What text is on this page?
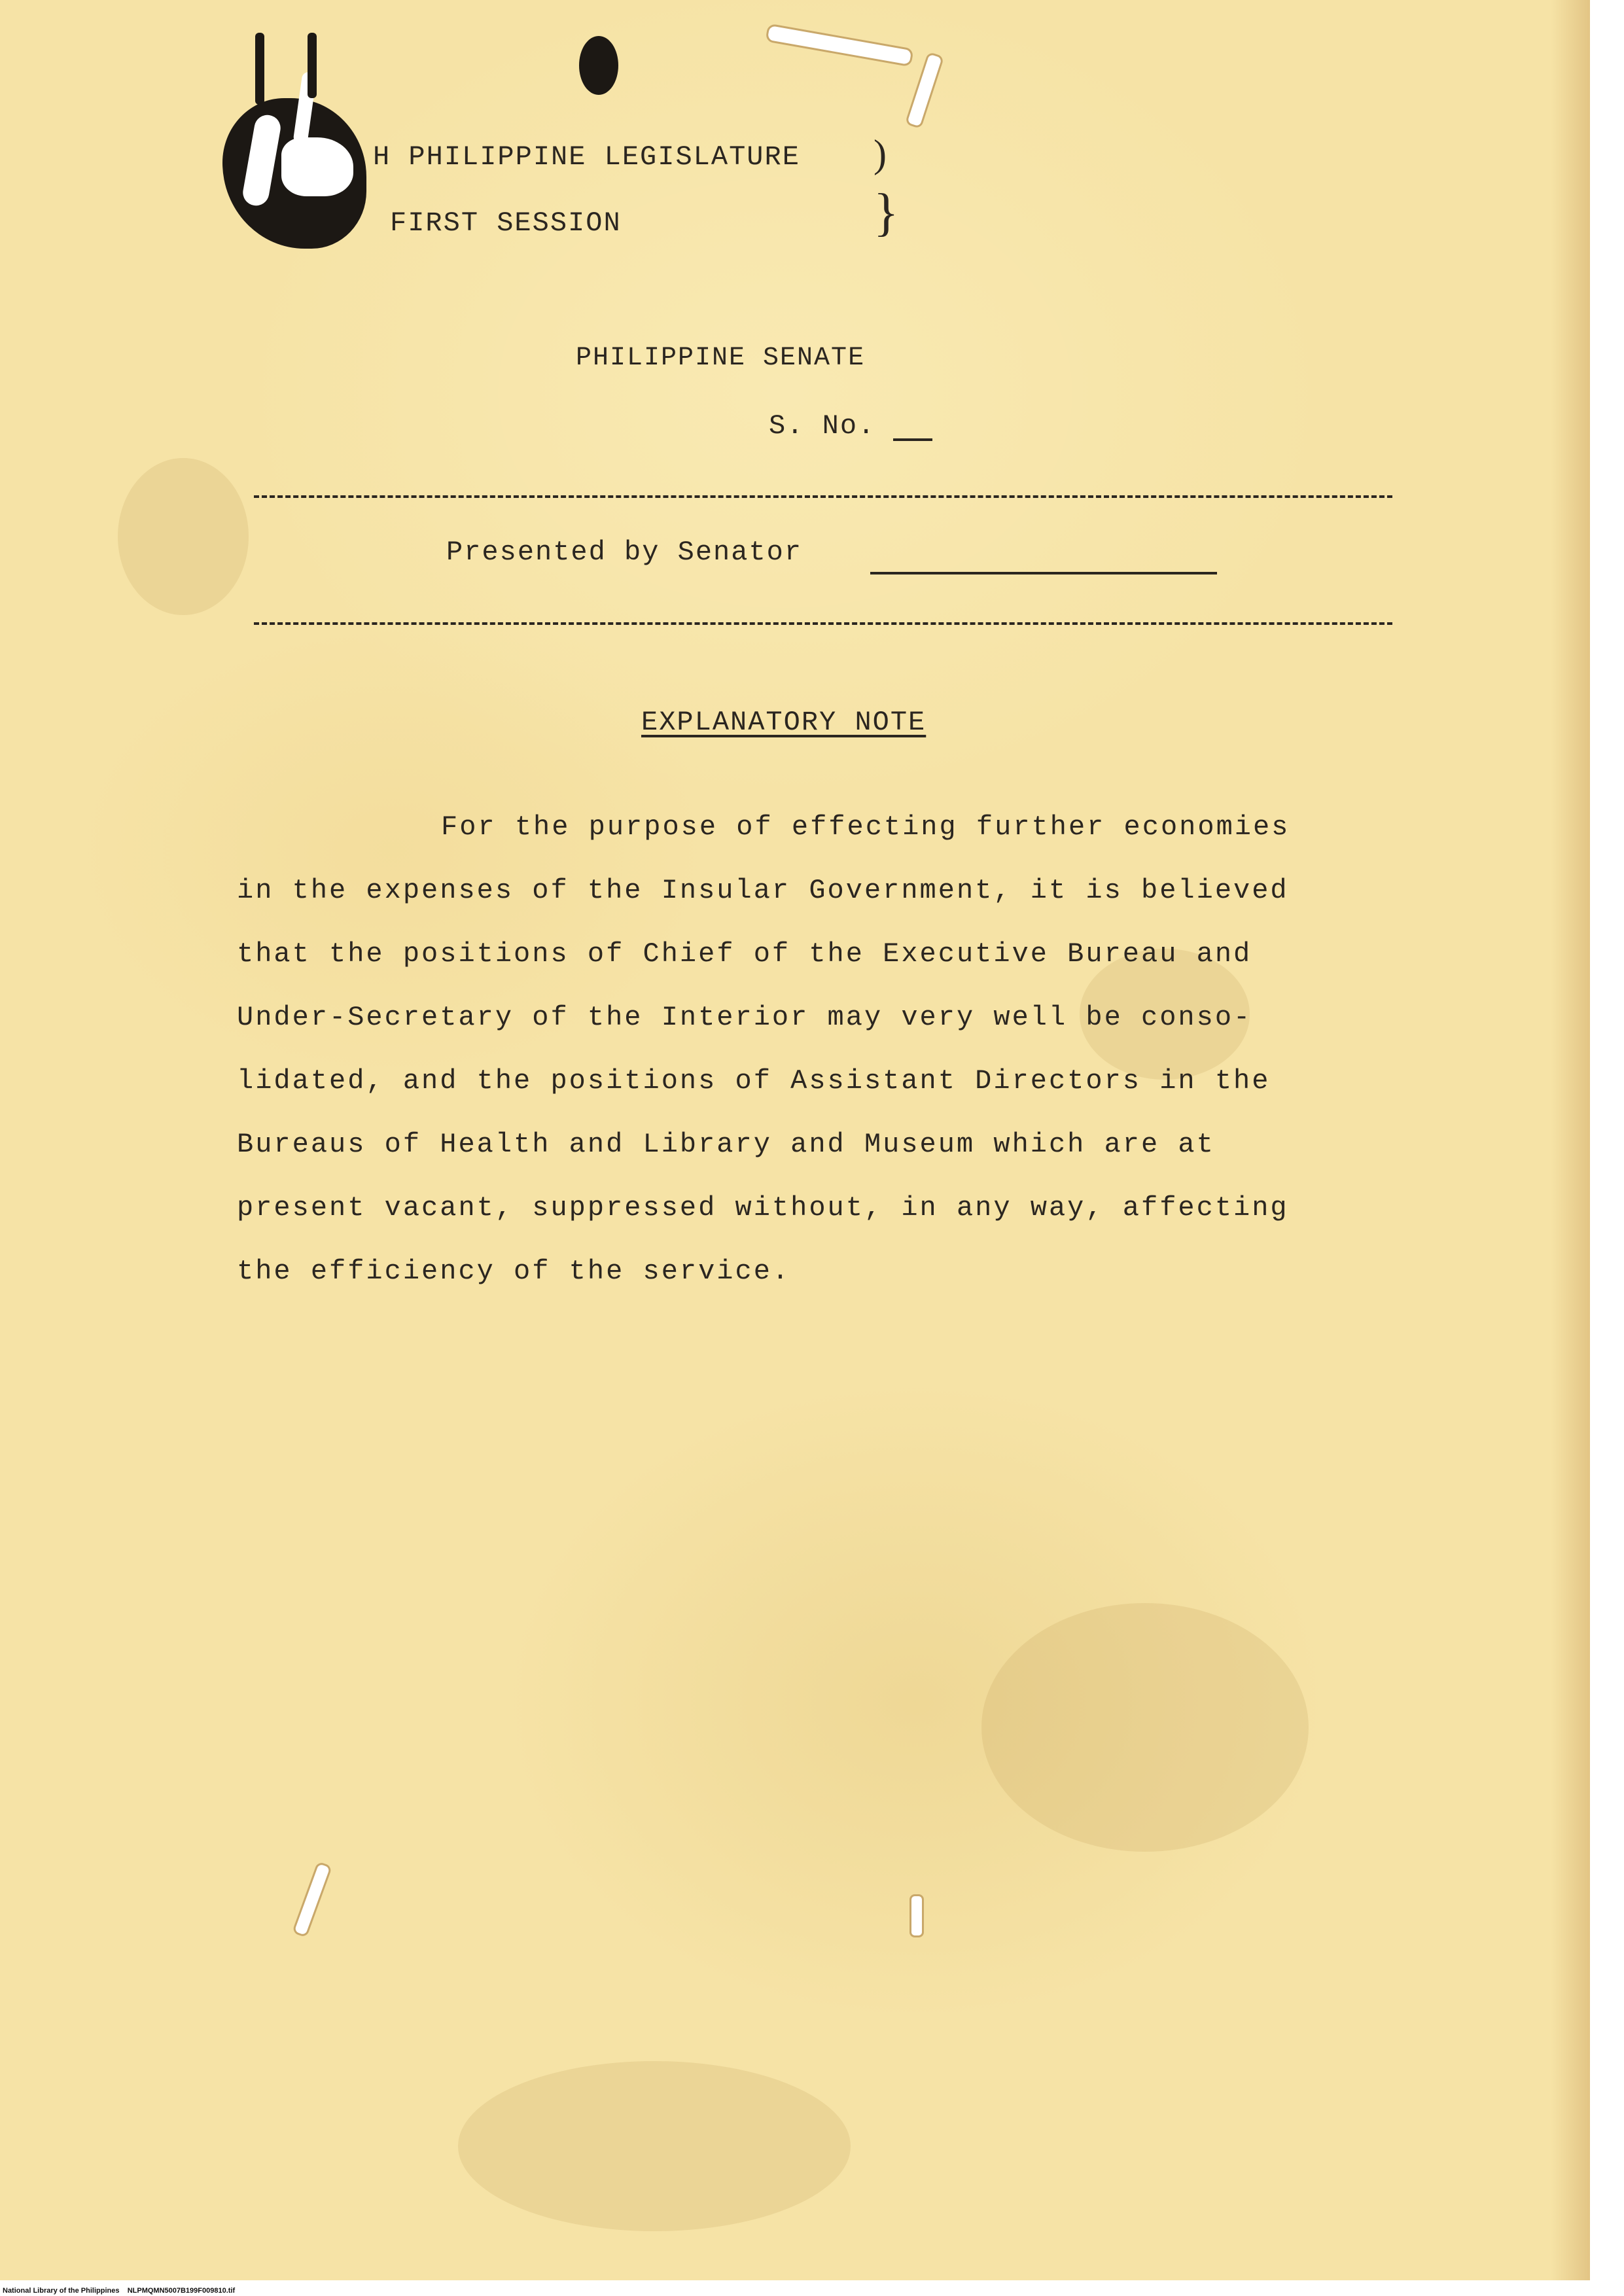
H PHILIPPINE LEGISLATURE
FIRST SESSION
)
}
PHILIPPINE SENATE
S. No.
Presented by Senator
EXPLANATORY NOTE
For the purpose of effecting further economies
in the expenses of the Insular Government, it is believed
that the positions of Chief of the Executive Bureau and
Under-Secretary of the Interior may very well be conso-
lidated, and the positions of Assistant Directors in the
Bureaus of Health and Library and Museum which are at
present vacant, suppressed without, in any way, affecting
the efficiency of the service.
National Library of the Philippines    NLPMQMN5007B199F009810.tif
